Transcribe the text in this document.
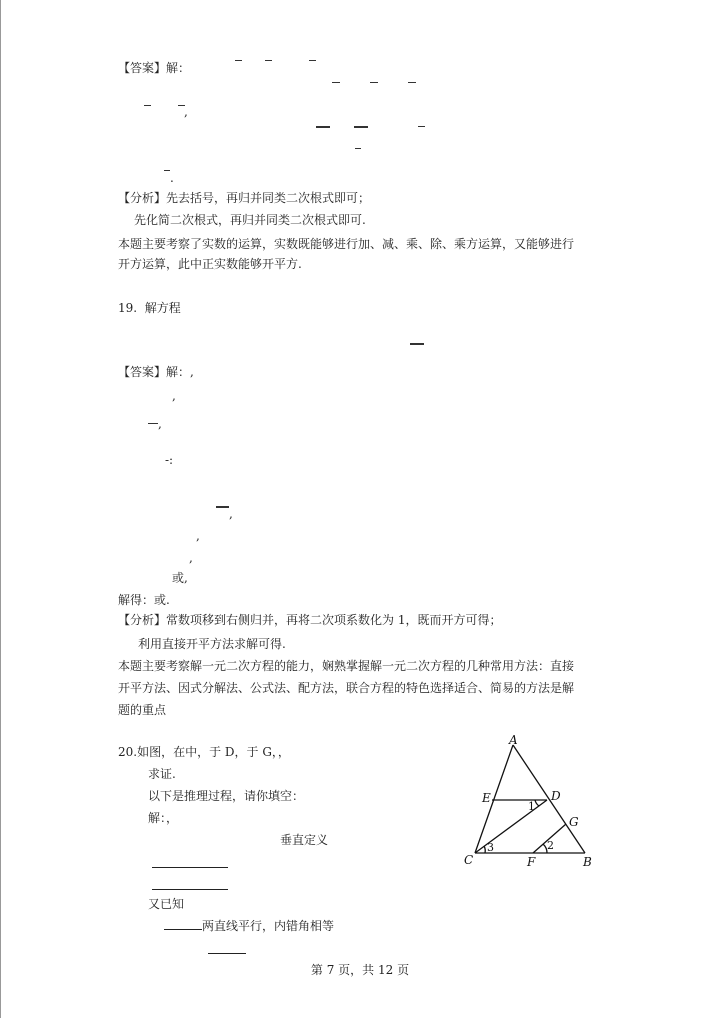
【答案】解：
,
.
【分析】先去括号，再归并同类二次根式即可；
先化简二次根式，再归并同类二次根式即可.
本题主要考察了实数的运算，实数既能够进行加、减、乘、除、乘方运算，又能够进行
开方运算，此中正实数能够开平方.
19. 解方程
【答案】解：,
,
,
-:
,
,
,
或,
解得：或.
【分析】常数项移到右侧归并，再将二次项系数化为 1，既而开方可得；
利用直接开平方法求解可得.
本题主要考察解一元二次方程的能力，娴熟掌握解一元二次方程的几种常用方法：直接
开平方法、因式分解法、公式法、配方法，联合方程的特色选择适合、简易的方法是解
题的重点
20.如图，在中，于 D，于 G，，
求证.
以下是推理过程，请你填空：
解：，
垂直定义
又已知
两直线平行，内错角相等
A
E	D
G
C	F	B
1
2
3
第 7 页，共 12 页
